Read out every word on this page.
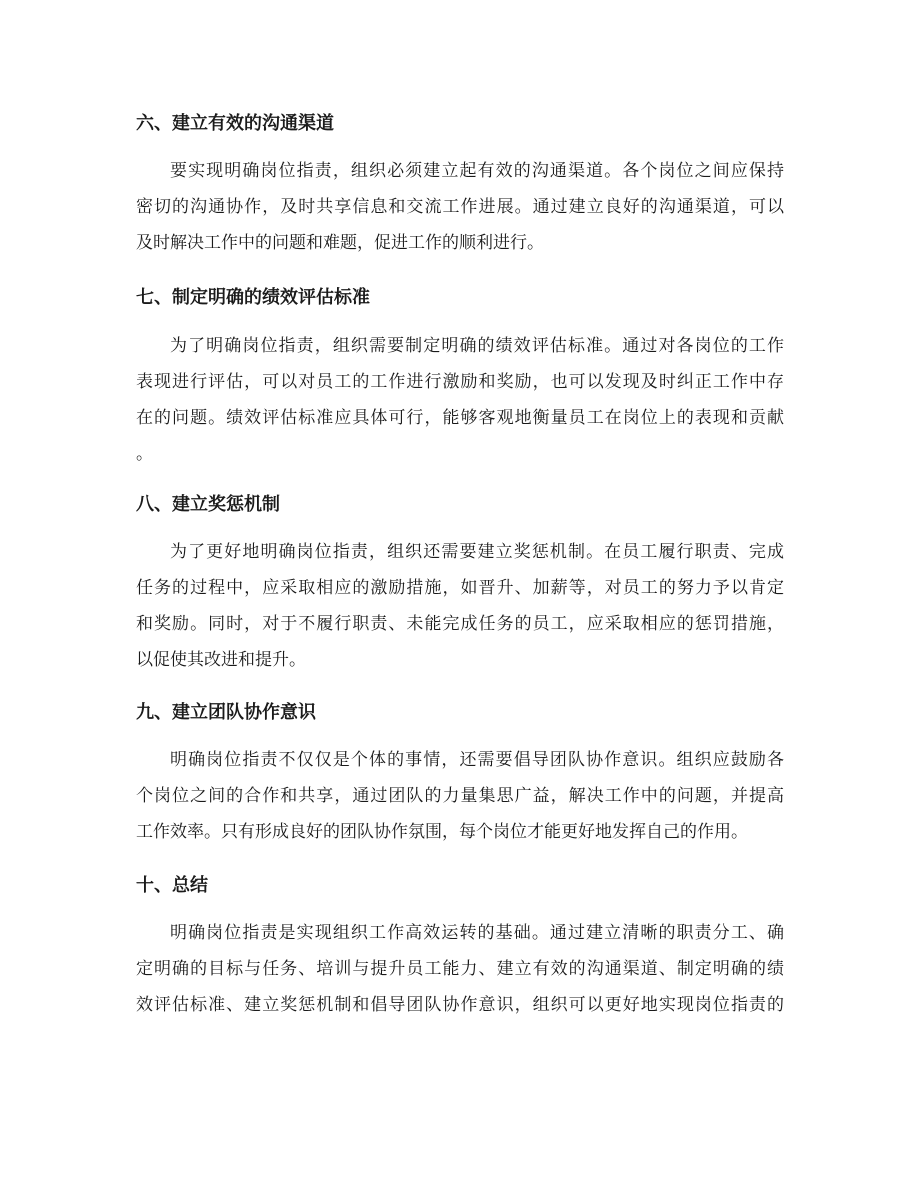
六、建立有效的沟通渠道
要实现明确岗位指责，组织必须建立起有效的沟通渠道。各个岗位之间应保持
密切的沟通协作，及时共享信息和交流工作进展。通过建立良好的沟通渠道，可以
及时解决工作中的问题和难题，促进工作的顺利进行。
七、制定明确的绩效评估标准
为了明确岗位指责，组织需要制定明确的绩效评估标准。通过对各岗位的工作
表现进行评估，可以对员工的工作进行激励和奖励，也可以发现及时纠正工作中存
在的问题。绩效评估标准应具体可行，能够客观地衡量员工在岗位上的表现和贡献
。
八、建立奖惩机制
为了更好地明确岗位指责，组织还需要建立奖惩机制。在员工履行职责、完成
任务的过程中，应采取相应的激励措施，如晋升、加薪等，对员工的努力予以肯定
和奖励。同时，对于不履行职责、未能完成任务的员工，应采取相应的惩罚措施，
以促使其改进和提升。
九、建立团队协作意识
明确岗位指责不仅仅是个体的事情，还需要倡导团队协作意识。组织应鼓励各
个岗位之间的合作和共享，通过团队的力量集思广益，解决工作中的问题，并提高
工作效率。只有形成良好的团队协作氛围，每个岗位才能更好地发挥自己的作用。
十、总结
明确岗位指责是实现组织工作高效运转的基础。通过建立清晰的职责分工、确
定明确的目标与任务、培训与提升员工能力、建立有效的沟通渠道、制定明确的绩
效评估标准、建立奖惩机制和倡导团队协作意识，组织可以更好地实现岗位指责的
